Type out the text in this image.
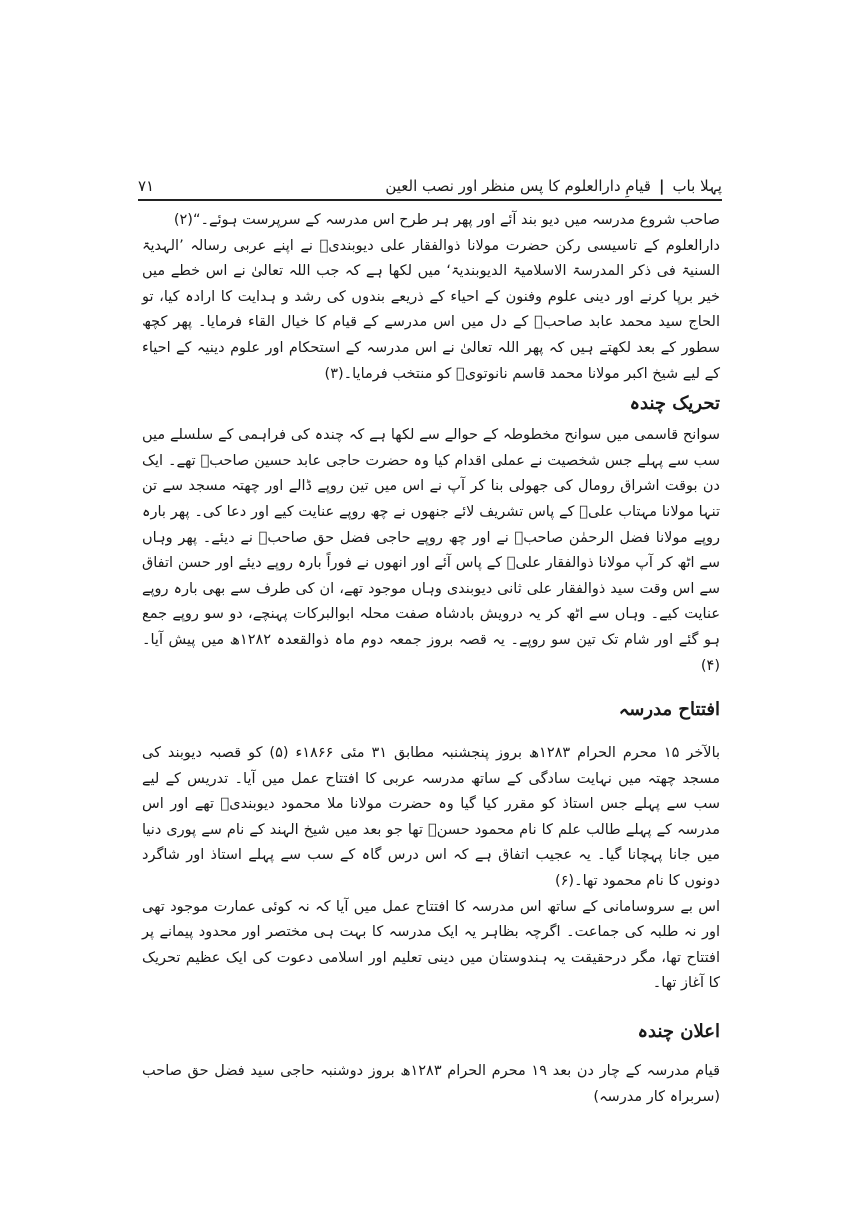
پہلا باب
|
قیامِ دارالعلوم کا پس منظر اور نصب العین
۷۱

صاحب شروع مدرسہ میں دیو بند آئے اور پھر ہر طرح اس مدرسہ کے سرپرست ہوئے۔“(۲)

دارالعلوم کے تاسیسی رکن حضرت مولانا ذوالفقار علی دیوبندیؒ نے اپنے عربی رسالہ ’الہدیۃ السنیۃ فی ذکر المدرسۃ الاسلامیۃ الدیوبندیۃ‘ میں لکھا ہے کہ جب اللہ تعالیٰ نے اس خطے میں خیر برپا کرنے اور دینی علوم وفنون کے احیاء کے ذریعے بندوں کی رشد و ہدایت کا ارادہ کیا، تو الحاج سید محمد عابد صاحبؒ کے دل میں اس مدرسے کے قیام کا خیال القاء فرمایا۔ پھر کچھ سطور کے بعد لکھتے ہیں کہ پھر اللہ تعالیٰ نے اس مدرسہ کے استحکام اور علوم دینیہ کے احیاء کے لیے شیخ اکبر مولانا محمد قاسم نانوتویؒ کو منتخب فرمایا۔(۳)

تحریک چندہ

سوانح قاسمی میں سوانح مخطوطہ کے حوالے سے لکھا ہے کہ چندہ کی فراہمی کے سلسلے میں سب سے پہلے جس شخصیت نے عملی اقدام کیا وہ حضرت حاجی عابد حسین صاحبؒ تھے۔ ایک دن بوقت اشراق رومال کی جھولی بنا کر آپ نے اس میں تین روپے ڈالے اور چھتہ مسجد سے تن تنہا مولانا مہتاب علیؒ کے پاس تشریف لائے جنھوں نے چھ روپے عنایت کیے اور دعا کی۔ پھر بارہ روپے مولانا فضل الرحمٰن صاحبؒ نے اور چھ روپے حاجی فضل حق صاحبؒ نے دیئے۔ پھر وہاں سے اٹھ کر آپ مولانا ذوالفقار علیؒ کے پاس آئے اور انھوں نے فوراً بارہ روپے دیئے اور حسن اتفاق سے اس وقت سید ذوالفقار علی ثانی دیوبندی وہاں موجود تھے، ان کی طرف سے بھی بارہ روپے عنایت کیے۔ وہاں سے اٹھ کر یہ درویش بادشاہ صفت محلہ ابوالبرکات پہنچے، دو سو روپے جمع ہو گئے اور شام تک تین سو روپے۔ یہ قصہ بروز جمعہ دوم ماہ ذوالقعدہ ۱۲۸۲ھ میں پیش آیا۔(۴)

افتتاح مدرسہ

بالآخر ۱۵ محرم الحرام ۱۲۸۳ھ بروز پنجشنبہ مطابق ۳۱ مئی ۱۸۶۶ء (۵) کو قصبہ دیوبند کی مسجد چھتہ میں نہایت سادگی کے ساتھ مدرسہ عربی کا افتتاح عمل میں آیا۔ تدریس کے لیے سب سے پہلے جس استاذ کو مقرر کیا گیا وہ حضرت مولانا ملا محمود دیوبندیؒ تھے اور اس مدرسہ کے پہلے طالب علم کا نام محمود حسنؒ تھا جو بعد میں شیخ الہند کے نام سے پوری دنیا میں جانا پہچانا گیا۔ یہ عجیب اتفاق ہے کہ اس درس گاہ کے سب سے پہلے استاذ اور شاگرد دونوں کا نام محمود تھا۔(۶)

اس بے سروسامانی کے ساتھ اس مدرسہ کا افتتاح عمل میں آیا کہ نہ کوئی عمارت موجود تھی اور نہ طلبہ کی جماعت۔ اگرچہ بظاہر یہ ایک مدرسہ کا بہت ہی مختصر اور محدود پیمانے پر افتتاح تھا، مگر درحقیقت یہ ہندوستان میں دینی تعلیم اور اسلامی دعوت کی ایک عظیم تحریک کا آغاز تھا۔

اعلان چندہ

قیام مدرسہ کے چار دن بعد ۱۹ محرم الحرام ۱۲۸۳ھ بروز دوشنبہ حاجی سید فضل حق صاحب (سربراہ کار مدرسہ)
